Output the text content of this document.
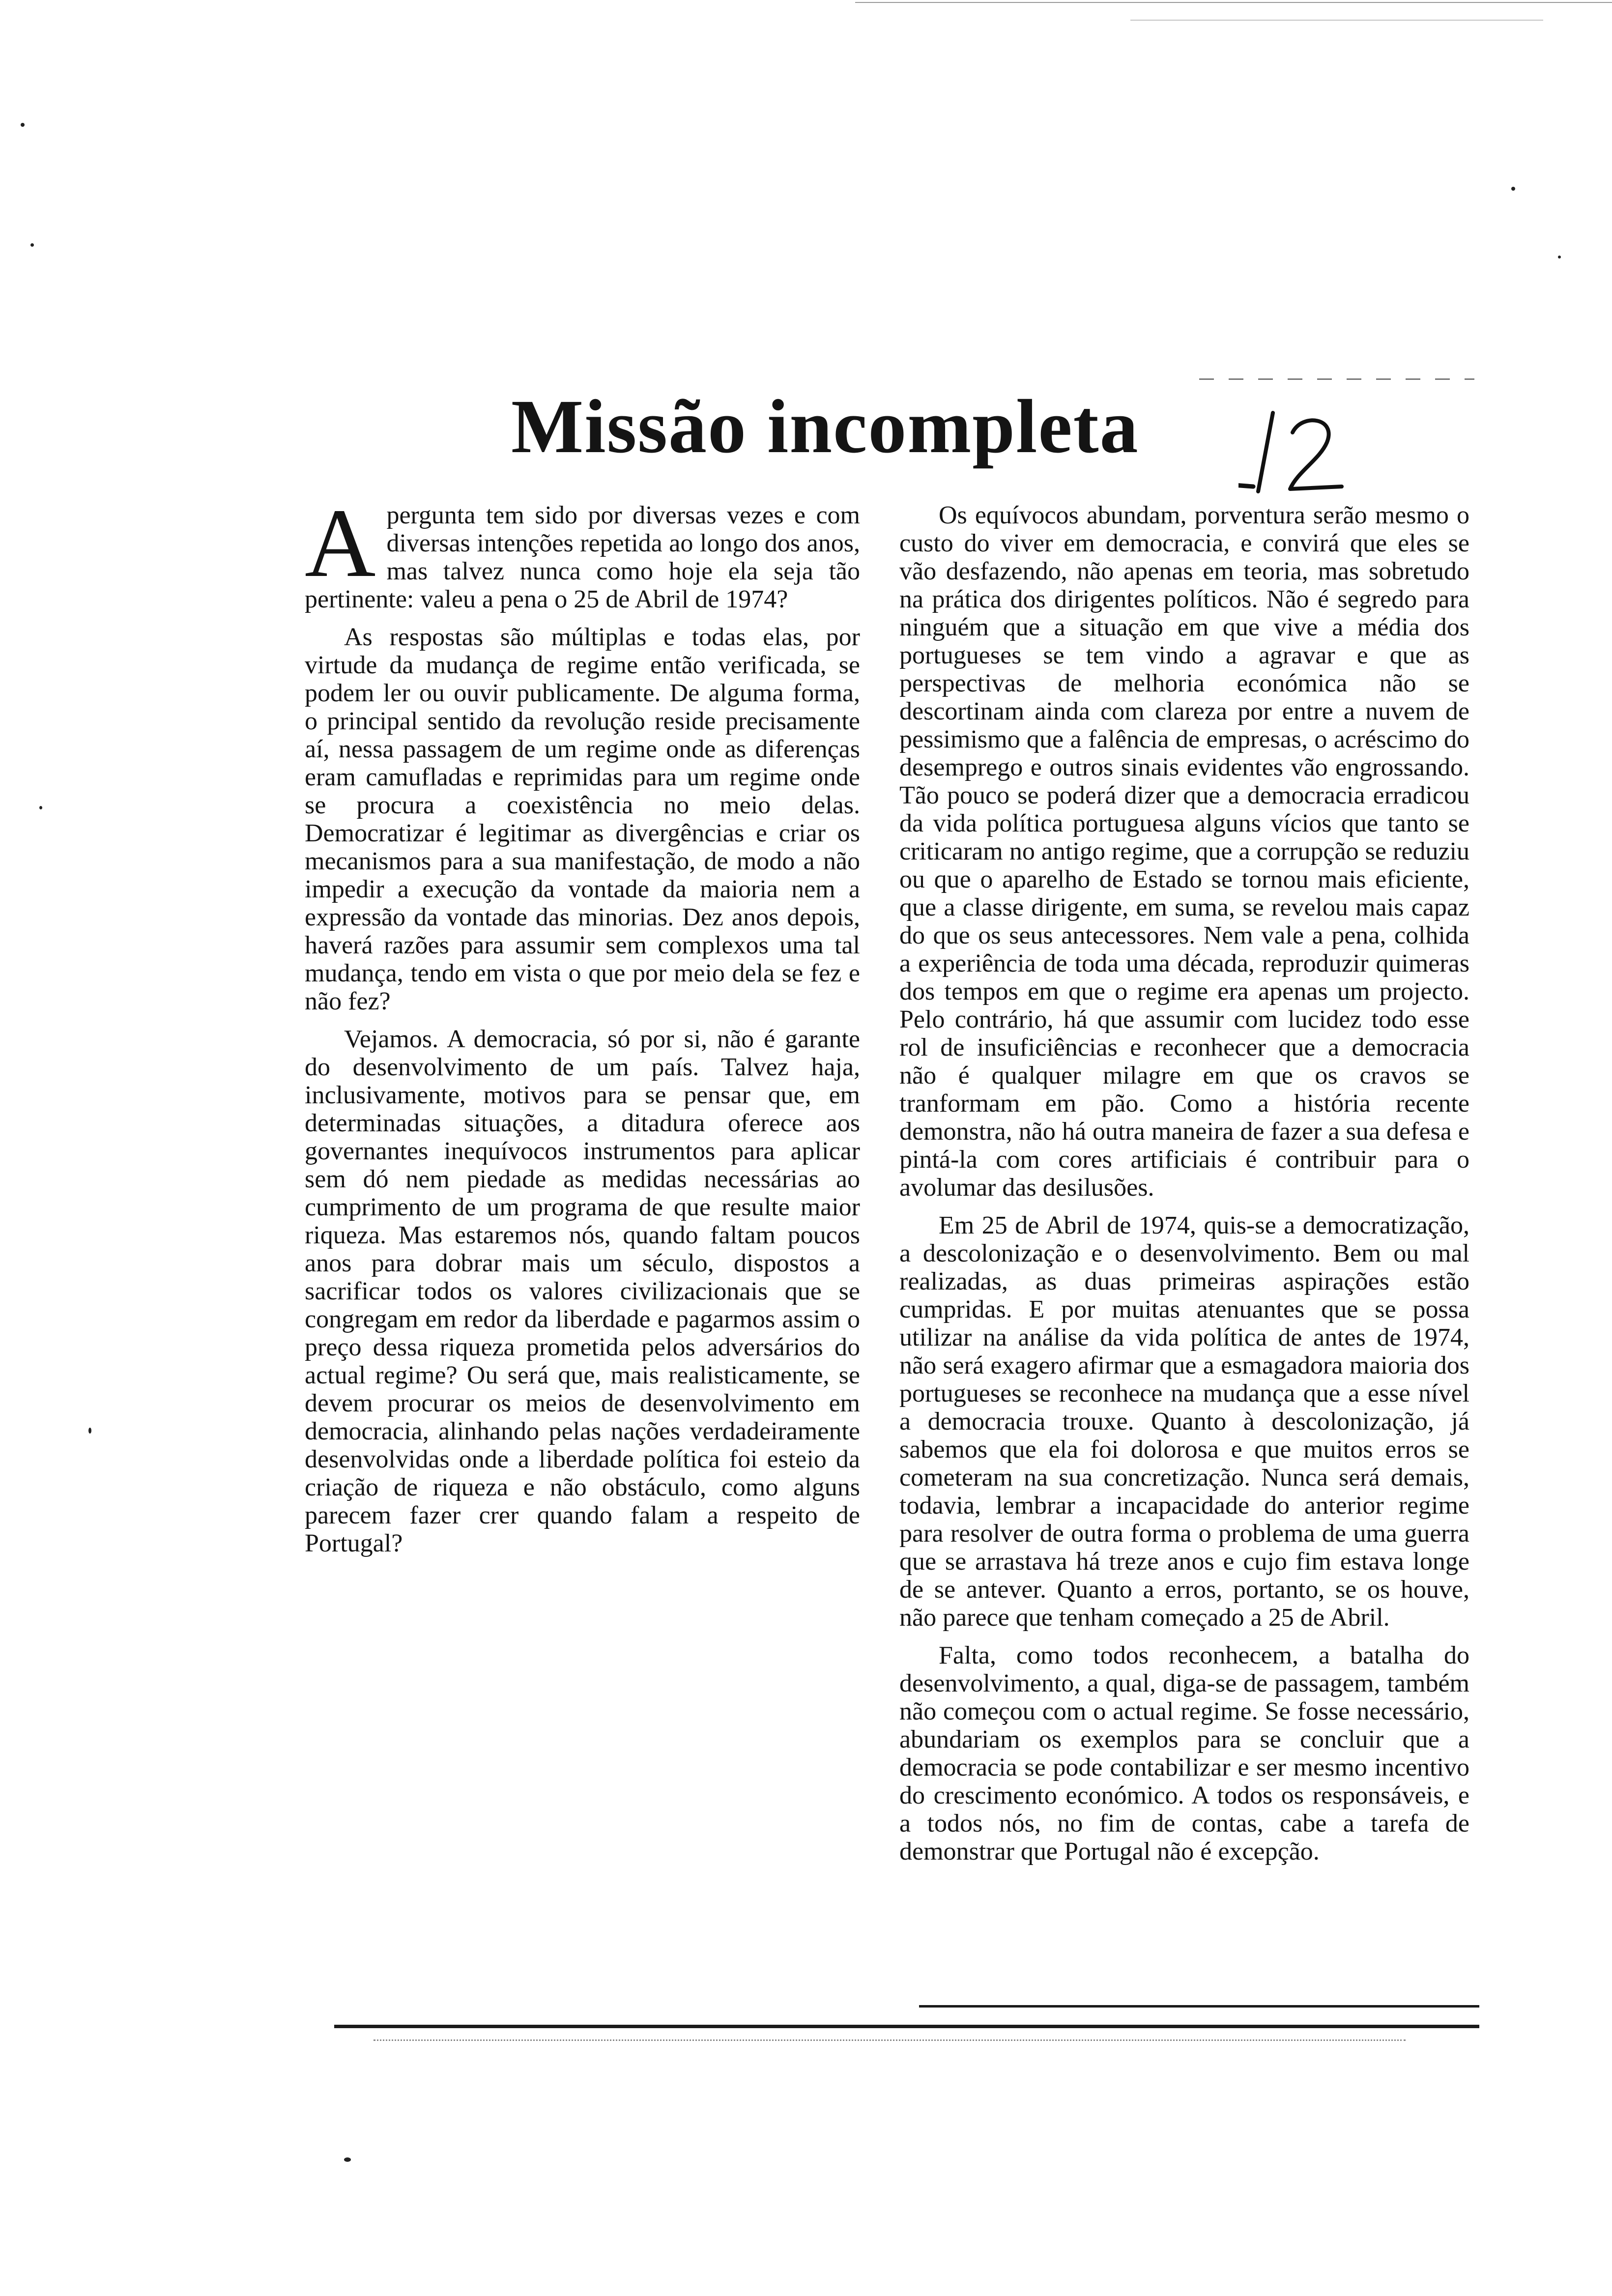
Missão incompleta

Apergunta tem sido por diversas vezes e com diversas intenções repetida ao longo dos anos, mas talvez nunca como hoje ela seja tão pertinente: valeu a pena o 25 de Abril de 1974?

As respostas são múltiplas e todas elas, por virtude da mudança de regime então verificada, se podem ler ou ouvir publicamente. De alguma forma, o principal sentido da revolução reside precisamente aí, nessa passagem de um regime onde as diferenças eram camufladas e reprimidas para um regime onde se procura a coexistência no meio delas. Democratizar é legitimar as divergências e criar os mecanismos para a sua manifestação, de modo a não impedir a execução da vontade da maioria nem a expressão da vontade das minorias. Dez anos depois, haverá razões para assumir sem complexos uma tal mudança, tendo em vista o que por meio dela se fez e não fez?

Vejamos. A democracia, só por si, não é garante do desenvolvimento de um país. Talvez haja, inclusivamente, motivos para se pensar que, em determinadas situações, a ditadura oferece aos governantes inequívocos instrumentos para aplicar sem dó nem piedade as medidas necessárias ao cumprimento de um programa de que resulte maior riqueza. Mas estaremos nós, quando faltam poucos anos para dobrar mais um século, dispostos a sacrificar todos os valores civilizacionais que se congregam em redor da liberdade e pagarmos assim o preço dessa riqueza prometida pelos adversários do actual regime? Ou será que, mais realisticamente, se devem procurar os meios de desenvolvimento em democracia, alinhando pelas nações verdadeiramente desenvolvidas onde a liberdade política foi esteio da criação de riqueza e não obstáculo, como alguns parecem fazer crer quando falam a respeito de Portugal?

Os equívocos abundam, porventura serão mesmo o custo do viver em democracia, e convirá que eles se vão desfazendo, não apenas em teoria, mas sobretudo na prática dos dirigentes políticos. Não é segredo para ninguém que a situação em que vive a média dos portugueses se tem vindo a agravar e que as perspectivas de melhoria económica não se descortinam ainda com clareza por entre a nuvem de pessimismo que a falência de empresas, o acréscimo do desemprego e outros sinais evidentes vão engrossando. Tão pouco se poderá dizer que a democracia erradicou da vida política portuguesa alguns vícios que tanto se criticaram no antigo regime, que a corrupção se reduziu ou que o aparelho de Estado se tornou mais eficiente, que a classe dirigente, em suma, se revelou mais capaz do que os seus antecessores. Nem vale a pena, colhida a experiência de toda uma década, reproduzir quimeras dos tempos em que o regime era apenas um projecto. Pelo contrário, há que assumir com lucidez todo esse rol de insuficiências e reconhecer que a democracia não é qualquer milagre em que os cravos se tranformam em pão. Como a história recente demonstra, não há outra maneira de fazer a sua defesa e pintá-la com cores artificiais é contribuir para o avolumar das desilusões.

Em 25 de Abril de 1974, quis-se a democratização, a descolonização e o desenvolvimento. Bem ou mal realizadas, as duas primeiras aspirações estão cumpridas. E por muitas atenuantes que se possa utilizar na análise da vida política de antes de 1974, não será exagero afirmar que a esmagadora maioria dos portugueses se reconhece na mudança que a esse nível a democracia trouxe. Quanto à descolonização, já sabemos que ela foi dolorosa e que muitos erros se cometeram na sua concretização. Nunca será demais, todavia, lembrar a incapacidade do anterior regime para resolver de outra forma o problema de uma guerra que se arrastava há treze anos e cujo fim estava longe de se antever. Quanto a erros, portanto, se os houve, não parece que tenham começado a 25 de Abril.

Falta, como todos reconhecem, a batalha do desenvolvimento, a qual, diga-se de passagem, também não começou com o actual regime. Se fosse necessário, abundariam os exemplos para se concluir que a democracia se pode contabilizar e ser mesmo incentivo do crescimento económico. A todos os responsáveis, e a todos nós, no fim de contas, cabe a tarefa de demonstrar que Portugal não é excepção.
